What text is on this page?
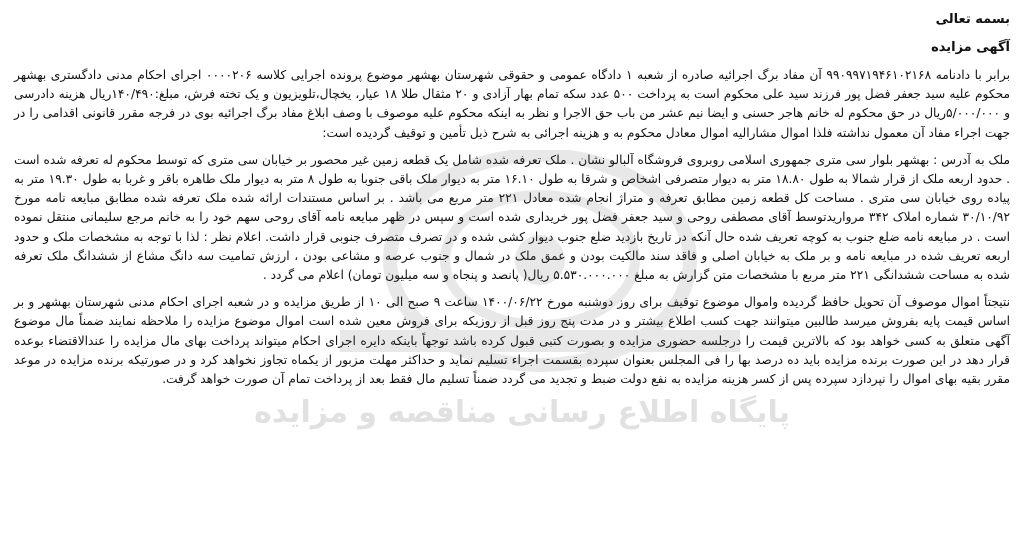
پایگاه اطلاع رسانی مناقصه و مزایده
بسمه تعالی
آگهی مزایده

برابر با دادنامه ۹۹۰۹۹۷۱۹۴۶۱۰۲۱۶۸ آن مفاد برگ اجرائیه صادره از شعبه ۱ دادگاه عمومی و حقوقی شهرستان بهشهر موضوع پرونده اجرایی کلاسه ۰۰۰۰۲۰۶ اجرای احکام مدنی دادگستری بهشهر محکوم علیه سید جعفر فضل پور فرزند سید علی محکوم است به پرداخت ۵۰۰ عدد سکه تمام بهار آزادی و ۲۰ مثقال طلا ۱۸ عیار، یخچال،تلویزیون و یک تخته فرش، مبلغ:۱۴۰/۴۹۰ریال هزینه دادرسی و ۵/۰۰۰/۰۰۰ریال در حق محکوم له خانم هاجر حسنی و ایضا نیم عشر من باب حق الاجرا و نظر به اینکه محکوم علیه موصوف با وصف ابلاغ مفاد برگ اجرائیه بوی در فرجه مقرر قانونی اقدامی را در جهت اجراء مفاد آن معمول نداشته فلذا اموال مشارالیه اموال معادل محکوم به و هزینه اجرائی به شرح ذیل تأمین و توقیف گردیده است:

ملک به آدرس : بهشهر بلوار سی متری جمهوری اسلامی روبروی فروشگاه آلبالو نشان . ملک تعرفه شده شامل یک قطعه زمین غیر محصور بر خیابان سی متری که توسط محکوم له تعرفه شده است . حدود اربعه ملک از قرار شمالا به طول ۱۸.۸۰ متر به دیوار متصرفی اشخاص و شرقا به طول ۱۶.۱۰ متر به دیوار ملک باقی جنوبا به طول ۸ متر به دیوار ملک طاهره باقر و غربا به طول ۱۹.۳۰ متر به پیاده روی خیابان سی متری . مساحت کل قطعه زمین مطابق تعرفه و متراژ انجام شده معادل ۲۲۱ متر مربع می باشد . بر اساس مستندات ارائه شده ملک تعرفه شده مطابق مبایعه نامه مورخ ۳۰/۱۰/۹۲ شماره املاک ۳۴۲ مرواریدتوسط آقای مصطفی روحی و سید جعفر فضل پور خریداری شده است و سپس در ظهر مبایعه نامه آقای روحی سهم خود را به خانم مرجع سلیمانی منتقل نموده است . در مبایعه نامه ضلع جنوب به کوچه تعریف شده حال آنکه در تاریخ بازدید ضلع جنوب دیوار کشی شده و در تصرف متصرف جنوبی قرار داشت. اعلام نظر : لذا با توجه به مشخصات ملک و حدود اربعه تعریف شده در مبایعه نامه و بر ملک به خیابان اصلی و فاقد سند مالکیت بودن و عمق ملک در شمال و جنوب عرصه و مشاعی بودن ، ارزش تمامیت سه دانگ مشاع از ششدانگ ملک تعرفه شده به مساحت ششدانگی ۲۲۱ متر مربع با مشخصات متن گزارش به مبلغ ۵.۵۳۰.۰۰۰.۰۰۰ ریال( پانصد و پنجاه و سه میلیون تومان) اعلام می گردد .

نتیجتاً اموال موصوف آن تحویل حافظ گردیده واموال موضوع توقیف برای روز دوشنبه مورخ ۱۴۰۰/۰۶/۲۲ ساعت ۹ صبح الی ۱۰ از طریق مزایده و در شعبه اجرای احکام مدنی شهرستان بهشهر و بر اساس قیمت پایه بفروش میرسد طالبین میتوانند جهت کسب اطلاع بیشتر و در مدت پنج روز قبل از روزیکه برای فروش معین شده است اموال موضوع مزایده را ملاحظه نمایند ضمناً مال موضوع آگهی متعلق به کسی خواهد بود که بالاترین قیمت را درجلسه حضوری مزایده و بصورت کتبی قبول کرده باشد توجهاً باینکه دایره اجرای احکام میتواند پرداخت بهای مال مزایده را عندالاقتضاء بوعده قرار دهد در این صورت برنده مزایده باید ده درصد بها را فی المجلس بعنوان سپرده بقسمت اجراء تسلیم نماید و حداکثر مهلت مزبور از یکماه تجاوز نخواهد کرد و در صورتیکه برنده مزایده در موعد مقرر بقیه بهای اموال را نپردازد سپرده پس از کسر هزینه مزایده به نفع دولت ضبط و تجدید می گردد ضمناً تسلیم مال فقط بعد از پرداخت تمام آن صورت خواهد گرفت.
